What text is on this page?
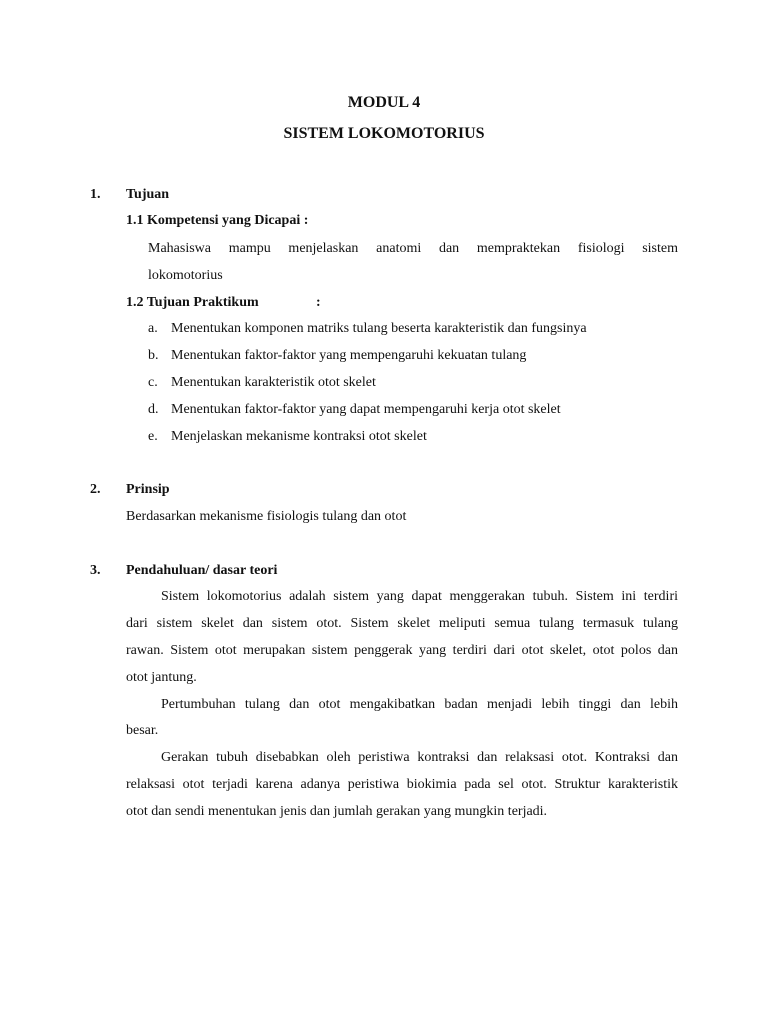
MODUL 4
SISTEM LOKOMOTORIUS
1. Tujuan
1.1 Kompetensi yang Dicapai :
Mahasiswa mampu menjelaskan anatomi dan mempraktekan fisiologi sistem
lokomotorius
1.2 Tujuan Praktikum	:
a. Menentukan komponen matriks tulang beserta karakteristik dan fungsinya
b. Menentukan faktor-faktor yang mempengaruhi kekuatan tulang
c. Menentukan karakteristik otot skelet
d. Menentukan faktor-faktor yang dapat mempengaruhi kerja otot skelet
e. Menjelaskan mekanisme kontraksi otot skelet
2. Prinsip
Berdasarkan mekanisme fisiologis tulang dan otot
3. Pendahuluan/ dasar teori
Sistem lokomotorius adalah sistem yang dapat menggerakan tubuh. Sistem ini terdiri
dari sistem skelet dan sistem otot. Sistem skelet meliputi semua tulang termasuk tulang
rawan. Sistem otot merupakan sistem penggerak yang terdiri dari otot skelet, otot polos dan
otot jantung.
Pertumbuhan tulang dan otot mengakibatkan badan menjadi lebih tinggi dan lebih
besar.
Gerakan tubuh disebabkan oleh peristiwa kontraksi dan relaksasi otot. Kontraksi dan
relaksasi otot terjadi karena adanya peristiwa biokimia pada sel otot. Struktur karakteristik
otot dan sendi menentukan jenis dan jumlah gerakan yang mungkin terjadi.
